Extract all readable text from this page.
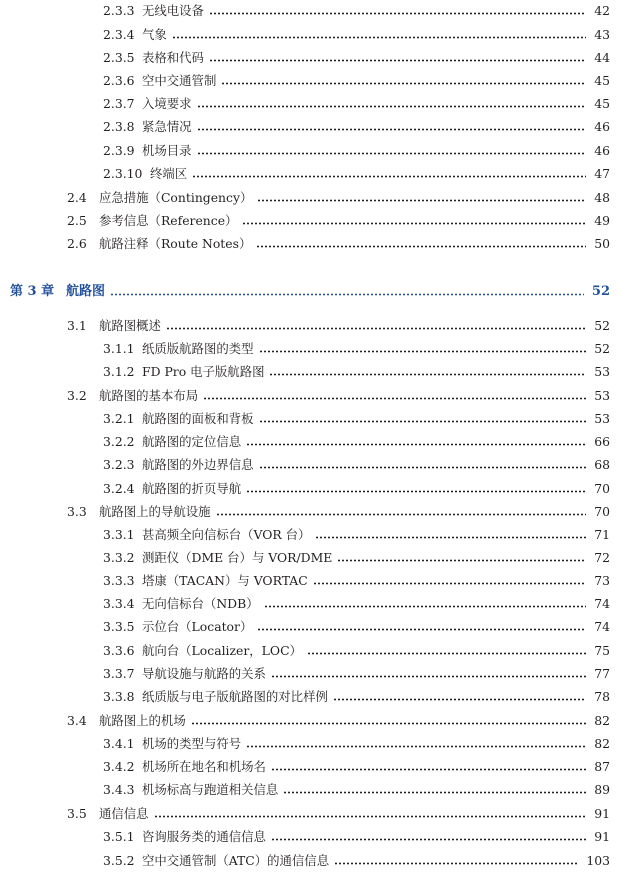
2.3.3 无线电设备	42
2.3.4 气象	43
2.3.5 表格和代码	44
2.3.6 空中交通管制	45
2.3.7 入境要求	45
2.3.8 紧急情况	46
2.3.9 机场目录	46
2.3.10 终端区	47
2.4 应急措施（Contingency）	48
2.5 参考信息（Reference）	49
2.6 航路注释（Route Notes）	50
第 3 章 航路图	52
3.1 航路图概述	52
3.1.1 纸质版航路图的类型	52
3.1.2 FD Pro 电子版航路图	53
3.2 航路图的基本布局	53
3.2.1 航路图的面板和背板	53
3.2.2 航路图的定位信息	66
3.2.3 航路图的外边界信息	68
3.2.4 航路图的折页导航	70
3.3 航路图上的导航设施	70
3.3.1 甚高频全向信标台（VOR 台）	71
3.3.2 测距仪（DME 台）与 VOR/DME	72
3.3.3 塔康（TACAN）与 VORTAC	73
3.3.4 无向信标台（NDB）	74
3.3.5 示位台（Locator）	74
3.3.6 航向台（Localizer，LOC）	75
3.3.7 导航设施与航路的关系	77
3.3.8 纸质版与电子版航路图的对比样例	78
3.4 航路图上的机场	82
3.4.1 机场的类型与符号	82
3.4.2 机场所在地名和机场名	87
3.4.3 机场标高与跑道相关信息	89
3.5 通信信息	91
3.5.1 咨询服务类的通信信息	91
3.5.2 空中交通管制（ATC）的通信信息	103
